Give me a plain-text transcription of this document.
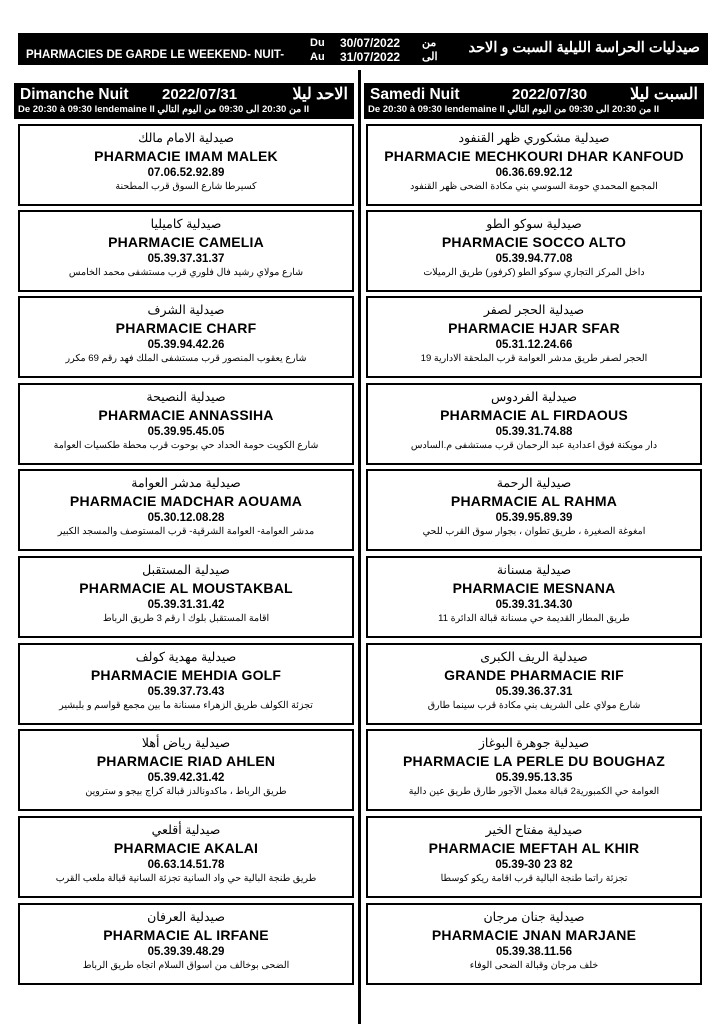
PHARMACIES DE GARDE LE WEEKEND- NUIT-
Du
Au
30/07/2022
31/07/2022
من
الى
صيدليات الحراسة الليلية السبت و الاحد
Dimanche Nuit 2022/07/31	الاحد ليلا
De 20:30 à 09:30 lendemaine II من 20:30 الى 09:30 من اليوم التالي II
Samedi Nuit	2022/07/30	السبت ليلا
De 20:30 à 09:30 lendemaine II من 20:30 الى 09:30 من اليوم التالي II
صيدلية الامام مالك
PHARMACIE IMAM MALEK
07.06.52.92.89
كسيرطا شارع السوق قرب المطحنة
صيدلية كاميليا
PHARMACIE CAMELIA
05.39.37.31.37
شارع مولاي رشيد فال فلوري قرب مستشفى محمد الخامس
صيدلية الشرف
PHARMACIE CHARF
05.39.94.42.26
شارع يعقوب المنصور قرب مستشفى الملك فهد رقم 69 مكرر
صيدلية النصيحة
PHARMACIE ANNASSIHA
05.39.95.45.05
شارع الكويت حومة الحداد حي بوحوت قرب محطة طكسيات العوامة
صيدلية مدشر العوامة
PHARMACIE MADCHAR AOUAMA
05.30.12.08.28
مدشر العوامة- العوامة الشرقية- قرب المستوصف والمسجد الكبير
صيدلية المستقبل
PHARMACIE AL MOUSTAKBAL
05.39.31.31.42
اقامة المستقبل بلوك أ رقم 3 طريق الرباط
صيدلية مهدية كولف
PHARMACIE MEHDIA GOLF
05.39.37.73.43
تجزئة الكولف طريق الزهراء مسنانة ما بين مجمع قواسم و بلبشير
صيدلية رياض أهلا
PHARMACIE RIAD AHLEN
05.39.42.31.42
طريق الرباط ، ماكدونالدز قبالة كراج بيجو و ستروين
صيدلية أقلعي
PHARMACIE AKALAI
06.63.14.51.78
طريق طنجة البالية حي واد السانية تجزئة السانية قبالة ملعب القرب
صيدلية العرفان
PHARMACIE AL IRFANE
05.39.39.48.29
الضحى بوخالف من أسواق السلام اتجاه طريق الرباط
صيدلية مشكوري ظهر القنفود
PHARMACIE MECHKOURI DHAR KANFOUD
06.36.69.92.12
المجمع المحمدي حومة السوسي بني مكادة الضحى ظهر القنفود
صيدلية سوكو الطو
PHARMACIE SOCCO ALTO
05.39.94.77.08
داخل المركز التجاري سوكو ألطو (كرفور) طريق الرميلات
صيدلية الحجر لصفر
PHARMACIE HJAR SFAR
05.31.12.24.66
الحجر لصفر طريق مدشر العوامة قرب الملحقة الادارية 19
صيدلية الفردوس
PHARMACIE AL FIRDAOUS
05.39.31.74.88
دار مويكنة فوق اعدادية عبد الرحمان قرب مستشفى م.السادس
صيدلية الرحمة
PHARMACIE AL RAHMA
05.39.95.89.39
امغوغة الصغيرة ، طريق تطوان ، بجوار سوق القرب للحي
صيدلية مسنانة
PHARMACIE MESNANA
05.39.31.34.30
طريق المطار القديمة حي مسنانة قبالة الدائرة 11
صيدلية الريف الكبرى
GRANDE PHARMACIE RIF
05.39.36.37.31
شارع مولاي على الشريف بني مكادة قرب سينما طارق
صيدلية جوهرة البوغاز
PHARMACIE LA PERLE DU BOUGHAZ
05.39.95.13.35
العوامة حي الكمبورية2 قبالة معمل الآجور طارق طريق عين دالية
صيدلية مفتاح الخير
PHARMACIE MEFTAH AL KHIR
05.39-30 23 82
تجزئة راتما طنجة البالية قرب اقامة ريكو كوسطا
صيدلية جنان مرجان
PHARMACIE JNAN MARJANE
05.39.38.11.56
خلف مرجان وقبالة الضحى الوفاء
